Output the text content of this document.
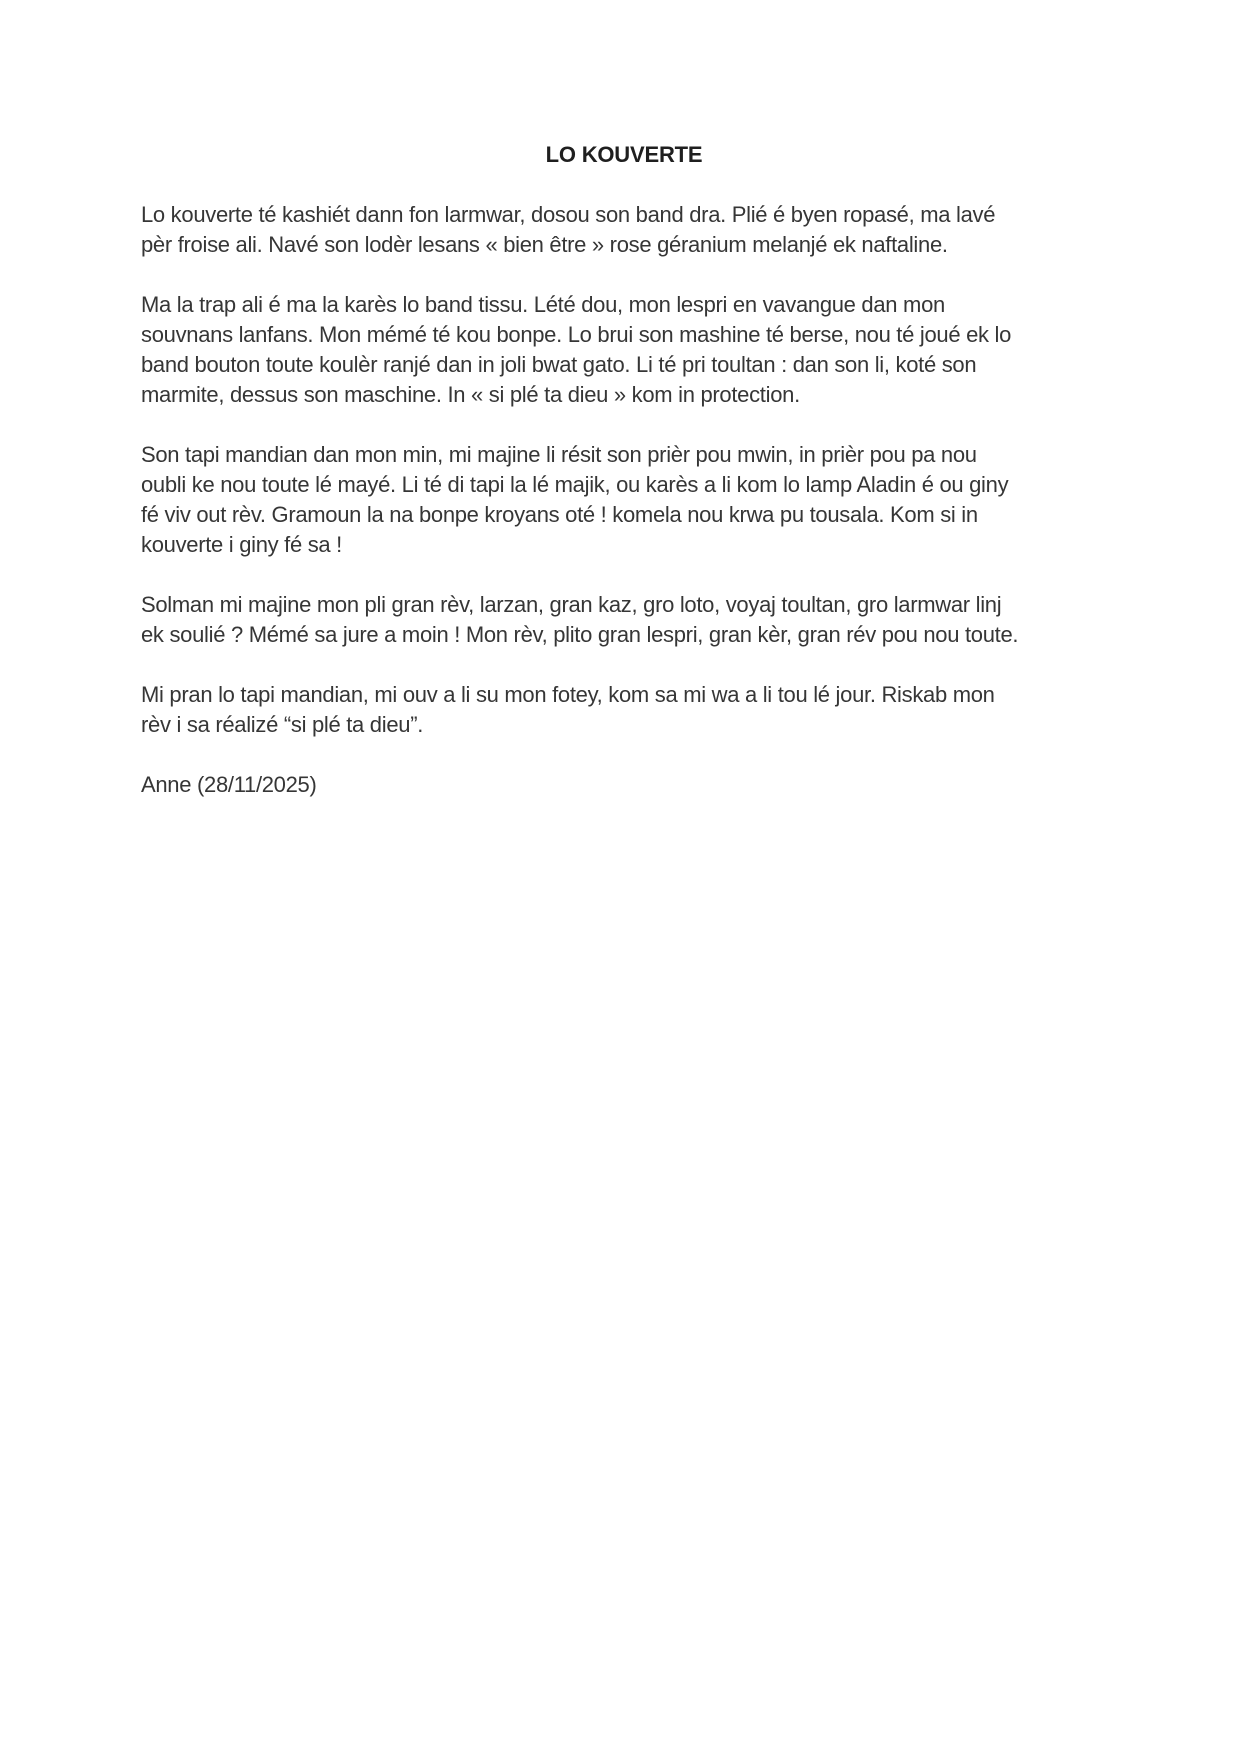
LO KOUVERTE

Lo kouverte té kashiét dann fon larmwar, dosou son band dra. Plié é byen ropasé, ma lavé
pèr froise ali. Navé son lodèr lesans « bien être » rose géranium melanjé ek naftaline.

Ma la trap ali é ma la karès lo band tissu. Lété dou, mon lespri en vavangue dan mon
souvnans lanfans. Mon mémé té kou bonpe. Lo brui son mashine té berse, nou té joué ek lo
band bouton toute koulèr ranjé dan in joli bwat gato. Li té pri toultan : dan son li, koté son
marmite, dessus son maschine. In « si plé ta dieu » kom in protection.

Son tapi mandian dan mon min, mi majine li résit son prièr pou mwin, in prièr pou pa nou
oubli ke nou toute lé mayé. Li té di tapi la lé majik, ou karès a li kom lo lamp Aladin é ou giny
fé viv out rèv. Gramoun la na bonpe kroyans oté ! komela nou krwa pu tousala. Kom si in
kouverte i giny fé sa !

Solman mi majine mon pli gran rèv, larzan, gran kaz, gro loto, voyaj toultan, gro larmwar linj
ek soulié ? Mémé sa jure a moin ! Mon rèv, plito gran lespri, gran kèr, gran rév pou nou toute.

Mi pran lo tapi mandian, mi ouv a li su mon fotey, kom sa mi wa a li tou lé jour. Riskab mon
rèv i sa réalizé “si plé ta dieu”.

Anne (28/11/2025)
